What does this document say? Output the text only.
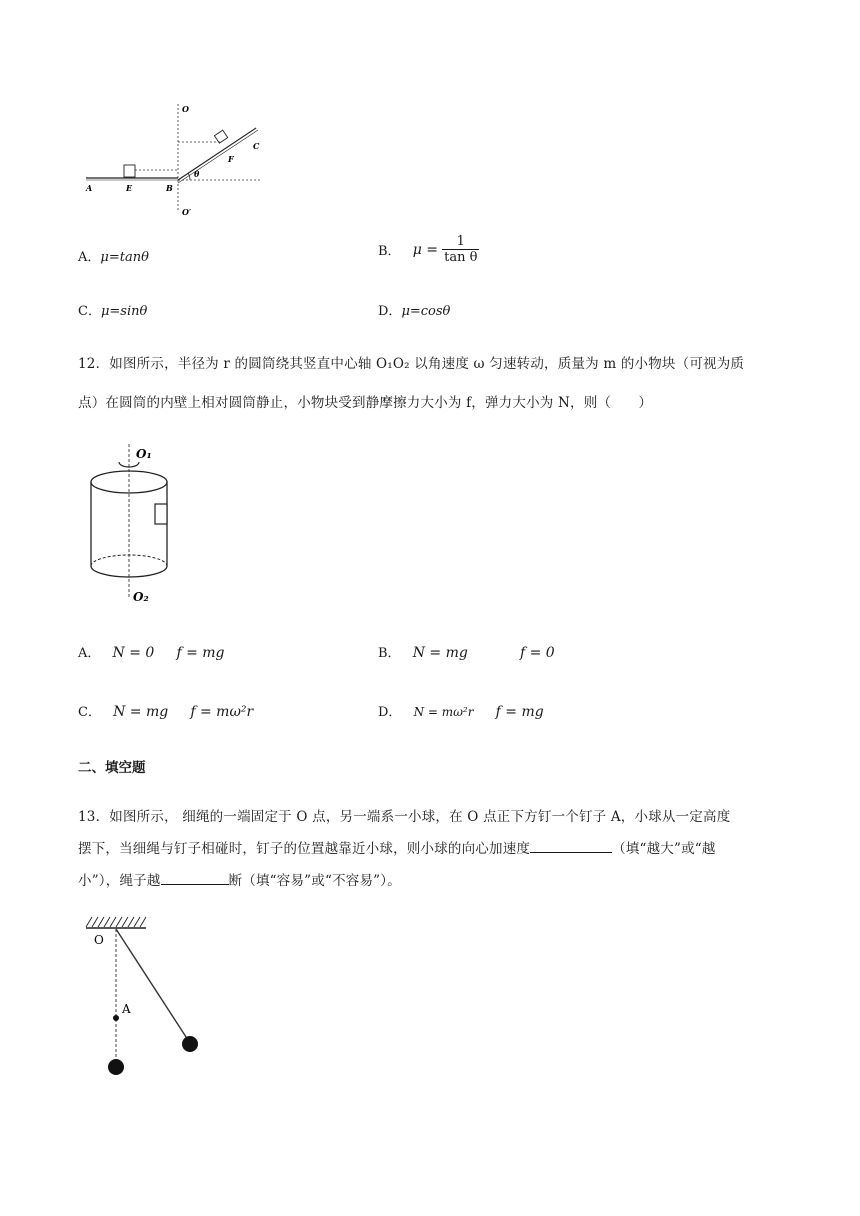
O
O′
A	E	B
F
C
θ
A．μ=tanθ	B． $\mu = \frac{1}{\text{tan θ}}$
C．μ=sinθ	D．μ=cosθ
12．如图所示，半径为 r 的圆筒绕其竖直中心轴 O₁O₂ 以角速度 ω 匀速转动，质量为 m 的小物块（可视为质
点）在圆筒的内壁上相对圆筒静止，小物块受到静摩擦力大小为 f，弹力大小为 N，则（　　）
O₁
O₂
A． N = 0 f = mg	B． N = mg	f = 0
C． N = mg f = mω²r	D． N = mω²r f = mg
二、填空题
13．如图所示， 细绳的一端固定于 O 点，另一端系一小球，在 O 点正下方钉一个钉子 A，小球从一定高度
摆下，当细绳与钉子相碰时，钉子的位置越靠近小球，则小球的向心加速度	（填“越大”或“越
小”），绳子越	断（填“容易”或“不容易”）。
O
A
